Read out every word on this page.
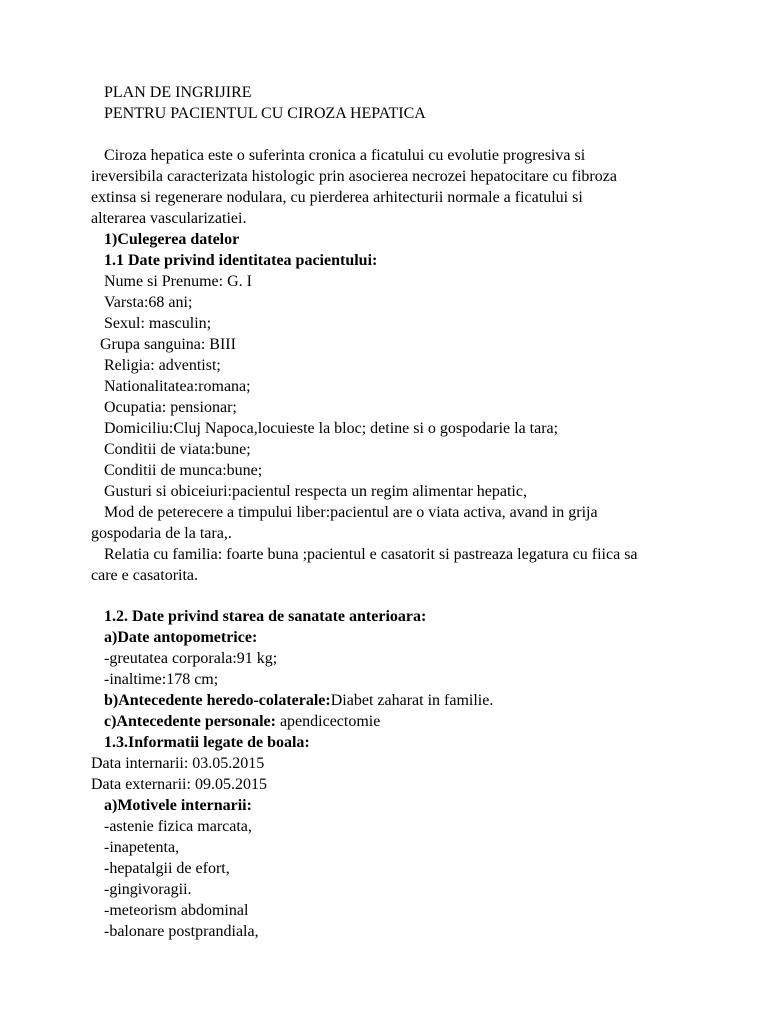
PLAN DE INGRIJIRE
PENTRU PACIENTUL CU CIROZA HEPATICA
Ciroza hepatica este o suferinta cronica a ficatului cu evolutie progresiva si
ireversibila caracterizata histologic prin asocierea necrozei hepatocitare cu fibroza
extinsa si regenerare nodulara, cu pierderea arhitecturii normale a ficatului si
alterarea vascularizatiei.
1)Culegerea datelor
1.1 Date privind identitatea pacientului:
Nume si Prenume: G. I
Varsta:68 ani;
Sexul: masculin;
Grupa sanguina: BIII
Religia: adventist;
Nationalitatea:romana;
Ocupatia: pensionar;
Domiciliu:Cluj Napoca,locuieste la bloc; detine si o gospodarie la tara;
Conditii de viata:bune;
Conditii de munca:bune;
Gusturi si obiceiuri:pacientul respecta un regim alimentar hepatic,
Mod de peterecere a timpului liber:pacientul are o viata activa, avand in grija
gospodaria de la tara,.
Relatia cu familia: foarte buna ;pacientul e casatorit si pastreaza legatura cu fiica sa
care e casatorita.
1.2. Date privind starea de sanatate anterioara:
a)Date antopometrice:
-greutatea corporala:91 kg;
-inaltime:178 cm;
b)Antecedente heredo-colaterale:Diabet zaharat in familie.
c)Antecedente personale: apendicectomie
1.3.Informatii legate de boala:
Data internarii: 03.05.2015
Data externarii: 09.05.2015
a)Motivele internarii:
-astenie fizica marcata,
-inapetenta,
-hepatalgii de efort,
-gingivoragii.
-meteorism abdominal
-balonare postprandiala,
